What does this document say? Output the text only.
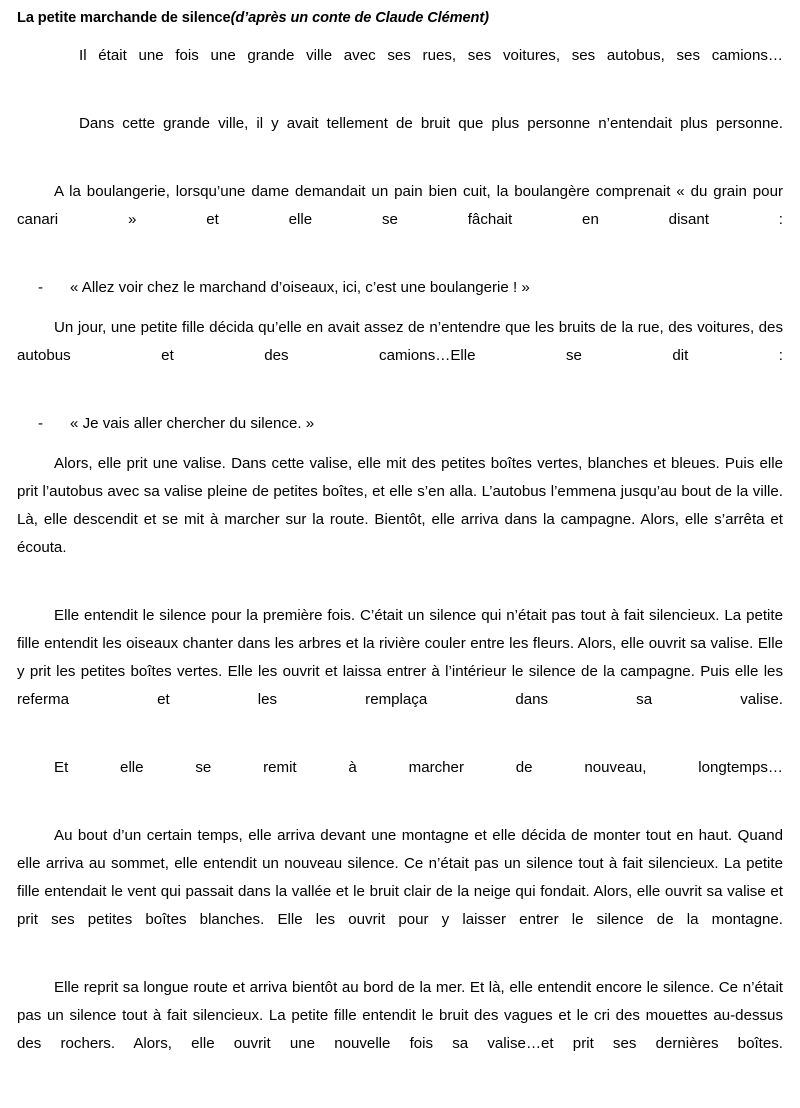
La petite marchande de silence(d’après un conte de Claude Clément)

Il était une fois une grande ville avec ses rues, ses voitures, ses autobus, ses camions…

Dans cette grande ville, il y avait tellement de bruit que plus personne n’entendait plus personne.

A la boulangerie, lorsqu’une dame demandait un pain bien cuit, la boulangère comprenait « du grain pour canari » et elle se fâchait en disant :

-	« Allez voir chez le marchand d’oiseaux, ici, c’est une boulangerie ! »

Un jour, une petite fille décida qu’elle en avait assez de n’entendre que les bruits de la rue, des voitures, des autobus et des camions…Elle se dit :

-	« Je vais aller chercher du silence. »

Alors, elle prit une valise. Dans cette valise, elle mit des petites boîtes vertes, blanches et bleues. Puis elle prit l’autobus avec sa valise pleine de petites boîtes, et elle s’en alla. L’autobus l’emmena jusqu’au bout de la ville. Là, elle descendit et se mit à marcher sur la route. Bientôt, elle arriva dans la campagne. Alors, elle s’arrêta et écouta.

Elle entendit le silence pour la première fois. C’était un silence qui n’était pas tout à fait silencieux. La petite fille entendit les oiseaux chanter dans les arbres et la rivière couler entre les fleurs. Alors, elle ouvrit sa valise. Elle y prit les petites boîtes vertes. Elle les ouvrit et laissa entrer à l’intérieur le silence de la campagne. Puis elle les referma et les remplaça dans sa valise.

Et elle se remit à marcher de nouveau, longtemps…

Au bout d’un certain temps, elle arriva devant une montagne et elle décida de monter tout en haut. Quand elle arriva au sommet, elle entendit un nouveau silence. Ce n’était pas un silence tout à fait silencieux. La petite fille entendait le vent qui passait dans la vallée et le bruit clair de la neige qui fondait. Alors, elle ouvrit sa valise et prit ses petites boîtes blanches. Elle les ouvrit pour y laisser entrer le silence de la montagne.

Elle reprit sa longue route et arriva bientôt au bord de la mer. Et là, elle entendit encore le silence. Ce n’était pas un silence tout à fait silencieux. La petite fille entendit le bruit des vagues et le cri des mouettes au-dessus des rochers. Alors, elle ouvrit une nouvelle fois sa valise…et prit ses dernières boîtes.
